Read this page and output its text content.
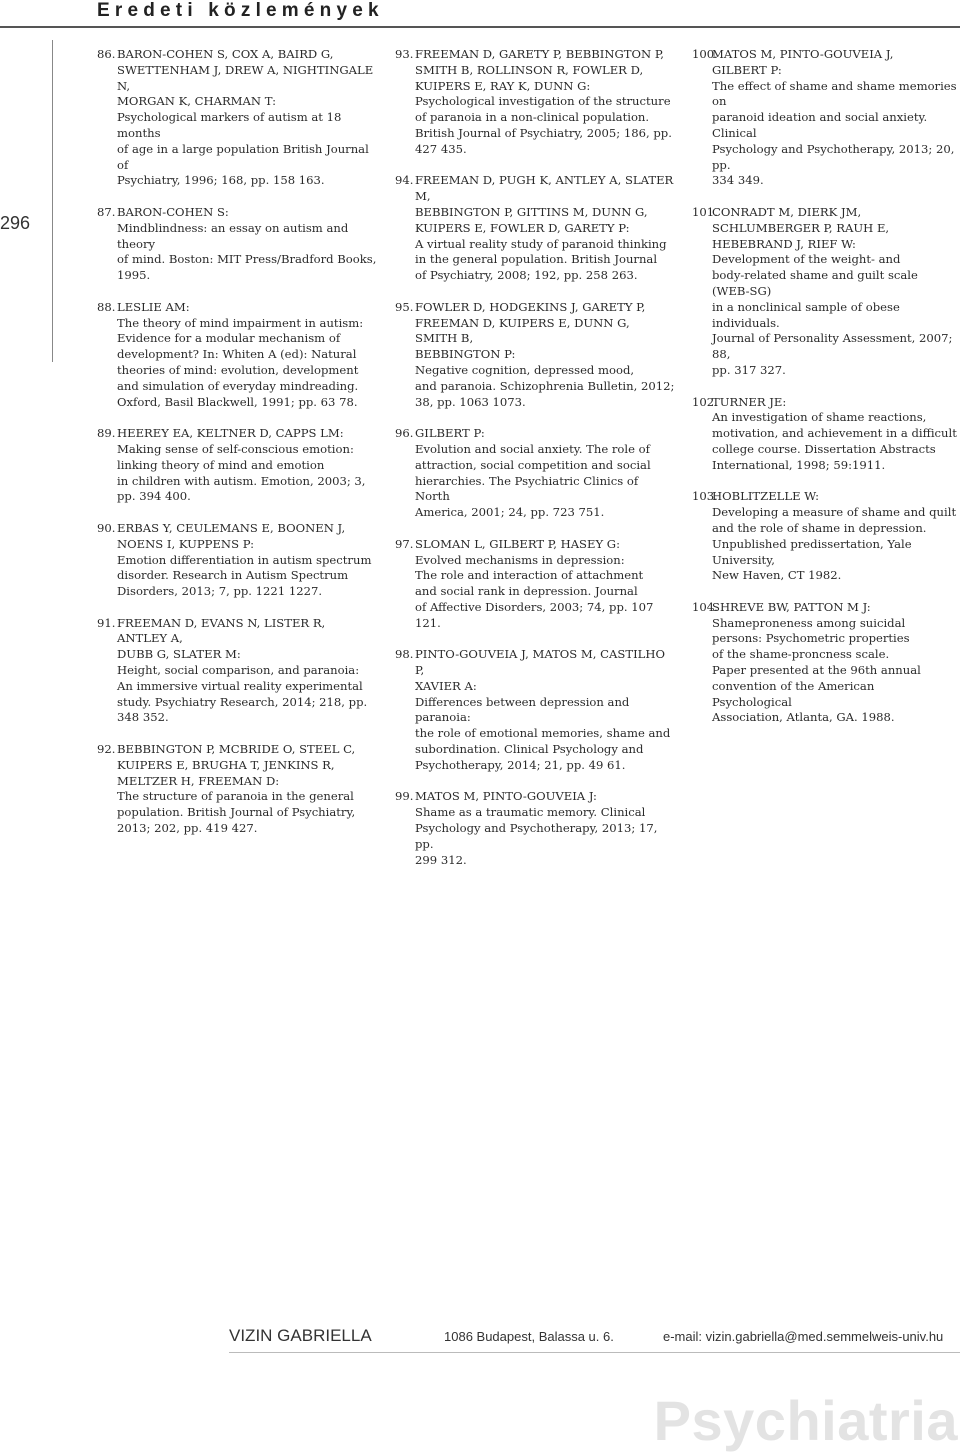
Eredeti közlemények
296
86. BARON-COHEN S, COX A, BAIRD G,
SWETTENHAM J, DREW A, NIGHTINGALE N,
MORGAN K, CHARMAN T:
Psychological markers of autism at 18 months
of age in a large population British Journal of
Psychiatry, 1996; 168, pp. 158 163.
87. BARON-COHEN S:
Mindblindness: an essay on autism and theory
of mind. Boston: MIT Press/Bradford Books,
1995.
88. LESLIE AM:
The theory of mind impairment in autism:
Evidence for a modular mechanism of
development? In: Whiten A (ed): Natural
theories of mind: evolution, development
and simulation of everyday mindreading.
Oxford, Basil Blackwell, 1991; pp. 63 78.
89. HEEREY EA, KELTNER D, CAPPS LM:
Making sense of self-conscious emotion:
linking theory of mind and emotion
in children with autism. Emotion, 2003; 3,
pp. 394 400.
90. ERBAS Y, CEULEMANS E, BOONEN J,
NOENS I, KUPPENS P:
Emotion differentiation in autism spectrum
disorder. Research in Autism Spectrum
Disorders, 2013; 7, pp. 1221 1227.
91. FREEMAN D, EVANS N, LISTER R, ANTLEY A,
DUBB G, SLATER M:
Height, social comparison, and paranoia:
An immersive virtual reality experimental
study. Psychiatry Research, 2014; 218, pp.
348 352.
92. BEBBINGTON P, MCBRIDE O, STEEL C,
KUIPERS E, BRUGHA T, JENKINS R,
MELTZER H, FREEMAN D:
The structure of paranoia in the general
population. British Journal of Psychiatry,
2013; 202, pp. 419 427.
93. FREEMAN D, GARETY P, BEBBINGTON P,
SMITH B, ROLLINSON R, FOWLER D,
KUIPERS E, RAY K, DUNN G:
Psychological investigation of the structure
of paranoia in a non-clinical population.
British Journal of Psychiatry, 2005; 186, pp.
427 435.
94. FREEMAN D, PUGH K, ANTLEY A, SLATER M,
BEBBINGTON P, GITTINS M, DUNN G,
KUIPERS E, FOWLER D, GARETY P:
A virtual reality study of paranoid thinking
in the general population. British Journal
of Psychiatry, 2008; 192, pp. 258 263.
95. FOWLER D, HODGEKINS J, GARETY P,
FREEMAN D, KUIPERS E, DUNN G, SMITH B,
BEBBINGTON P:
Negative cognition, depressed mood,
and paranoia. Schizophrenia Bulletin, 2012;
38, pp. 1063 1073.
96. GILBERT P:
Evolution and social anxiety. The role of
attraction, social competition and social
hierarchies. The Psychiatric Clinics of North
America, 2001; 24, pp. 723 751.
97. SLOMAN L, GILBERT P, HASEY G:
Evolved mechanisms in depression:
The role and interaction of attachment
and social rank in depression. Journal
of Affective Disorders, 2003; 74, pp. 107 121.
98. PINTO-GOUVEIA J, MATOS M, CASTILHO P,
XAVIER A:
Differences between depression and paranoia:
the role of emotional memories, shame and
subordination. Clinical Psychology and
Psychotherapy, 2014; 21, pp. 49 61.
99. MATOS M, PINTO-GOUVEIA J:
Shame as a traumatic memory. Clinical
Psychology and Psychotherapy, 2013; 17, pp.
299 312.
100.
MATOS M, PINTO-GOUVEIA J,
GILBERT P:
The effect of shame and shame memories on
paranoid ideation and social anxiety. Clinical
Psychology and Psychotherapy, 2013; 20, pp.
334 349.
101.
CONRADT M, DIERK JM,
SCHLUMBERGER P, RAUH E,
HEBEBRAND J, RIEF W:
Development of the weight- and
body-related shame and guilt scale (WEB-SG)
in a nonclinical sample of obese individuals.
Journal of Personality Assessment, 2007; 88,
pp. 317 327.
102.
TURNER JE:
An investigation of shame reactions,
motivation, and achievement in a difficult
college course. Dissertation Abstracts
International, 1998; 59:1911.
103.
HOBLITZELLE W:
Developing a measure of shame and quilt
and the role of shame in depression.
Unpublished predissertation, Yale University,
New Haven, CT 1982.
104.
SHREVE BW, PATTON M J:
Shameproneness among suicidal
persons: Psychometric properties
of the shame-proncness scale.
Paper presented at the 96th annual
convention of the American Psychological
Association, Atlanta, GA. 1988.
VIZIN GABRIELLA	1086 Budapest, Balassa u. 6.	e-mail: vizin.gabriella@med.semmelweis-univ.hu
Psychiatria
